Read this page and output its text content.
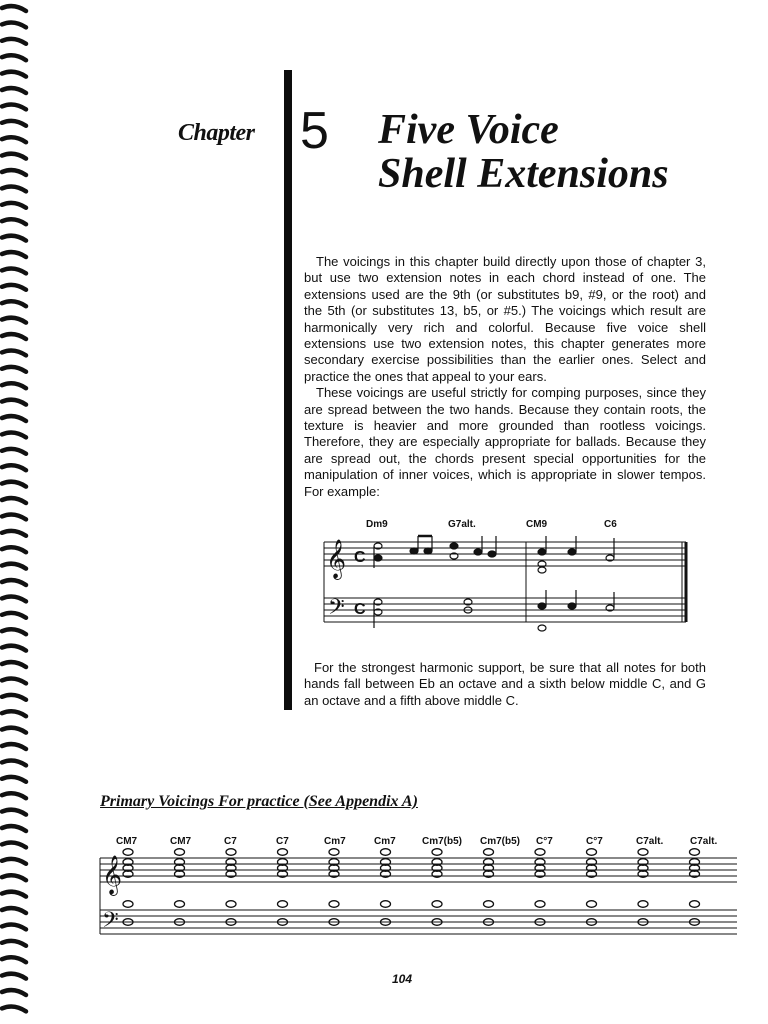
Chapter 5 Five Voice
Shell Extensions

The voicings in this chapter build directly upon those of chapter 3, but use two extension notes in each chord instead of one. The extensions used are the 9th (or substitutes b9, #9, or the root) and the 5th (or substitutes 13, b5, or #5.) The voicings which result are harmonically very rich and colorful. Because five voice shell extensions use two extension notes, this chapter generates more secondary exercise possibilities than the earlier ones. Select and practice the ones that appeal to your ears.

These voicings are useful strictly for comping purposes, since they are spread between the two hands. Because they contain roots, the texture is heavier and more grounded than rootless voicings. Therefore, they are especially appropriate for ballads. Because they are spread out, the chords present special opportunities for the manipulation of inner voices, which is appropriate in slower tempos. For example:

𝄞
𝄢
C
C
Dm9	G7alt.	CM9	C6

For the strongest harmonic support, be sure that all notes for both hands fall between Eb an octave and a sixth below middle C, and G an octave and a fifth above middle C.

Primary Voicings For practice (See Appendix A)
𝄞
𝄢
CM7	CM7	C7	C7	Cm7	Cm7	Cm7(b5) Cm7(b5) C°7	C°7	C7alt.	C7alt.
104
